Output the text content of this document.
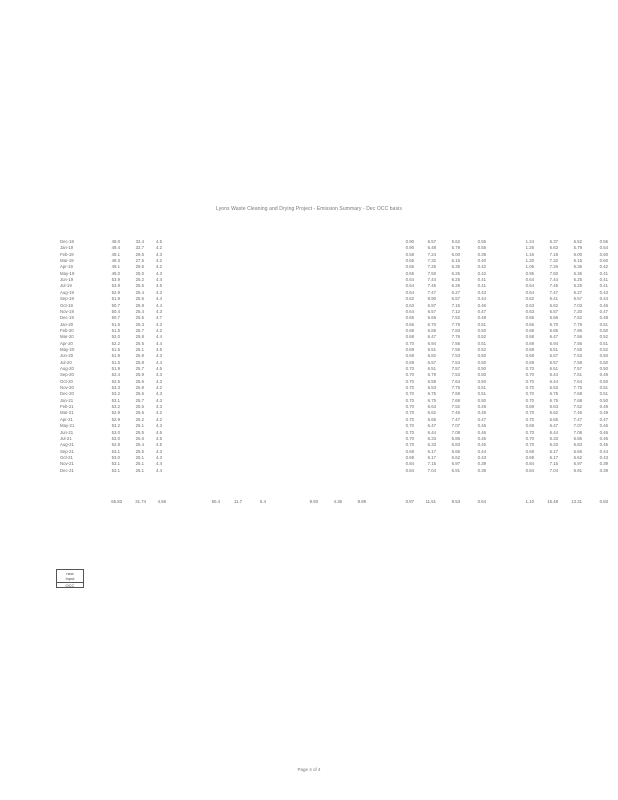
Lyons Waste Cleaning and Drying Project - Emission Summary - Dec OCC basis
Dec-18	49.0	32.4	4.5	0.90	6.57	5.62	0.55	1.24	6.37	6.52	0.56
Jan-19	49.4	32.7	4.2	0.90	6.48	5.79	0.55	1.26	6.63	5.79	0.54
Feb-19	49.1	29.5	4.3	0.58	7.24	6.00	0.39	1.16	7.18	6.00	0.60
Mar-19	49.3	27.5	4.2	0.65	7.32	6.15	0.40	1.20	7.32	6.15	0.60
Apr-19	49.1	29.5	4.2	0.65	7.26	6.35	0.42	1.06	7.26	6.35	0.42
May-19	49.0	25.0	4.3	0.65	7.50	6.25	0.42	0.95	7.50	6.36	0.41
Jun-19	53.9	25.2	4.4	0.64	7.44	6.25	0.41	0.64	7.44	6.25	0.41
Jul-19	53.9	25.5	4.5	0.64	7.45	6.25	0.41	0.64	7.45	6.25	0.41
Aug-19	52.9	25.4	4.3	0.64	7.47	6.27	0.43	0.64	7.47	6.27	0.43
Sep-19	51.9	25.6	4.4	0.62	8.90	6.57	0.44	0.62	6.41	6.57	0.44
Oct-19	50.7	25.8	4.4	0.63	6.97	7.15	0.46	0.63	6.62	7.03	0.46
Nov-19	50.4	25.4	4.3	0.64	6.57	7.12	0.47	0.63	6.57	7.20	0.47
Dec-19	50.7	25.5	4.7	0.66	6.66	7.52	0.48	0.65	6.56	7.52	0.48
Jan-20	51.5	25.3	4.3	0.66	6.70	7.79	0.51	0.66	6.70	7.79	0.51
Feb-20	51.5	25.7	4.2	0.68	6.85	7.83	0.50	0.68	6.85	7.96	0.50
Mar-20	52.0	25.8	4.4	0.68	6.47	7.76	0.52	0.68	6.47	7.56	0.52
Apr-20	52.2	25.5	4.4	0.70	6.94	7.56	0.51	0.69	6.94	7.56	0.51
May-20	51.5	25.1	4.5	0.69	6.51	7.55	0.52	0.68	6.51	7.55	0.52
Jun-20	51.9	25.8	4.3	0.69	6.82	7.53	0.50	0.68	6.57	7.53	0.50
Jul-20	51.5	25.8	4.4	0.69	6.57	7.53	0.50	0.69	6.57	7.58	0.50
Aug-20	51.9	25.7	4.5	0.70	6.51	7.57	0.50	0.70	6.51	7.57	0.50
Sep-20	52.4	25.9	4.3	0.70	6.79	7.53	0.50	0.70	6.44	7.51	0.49
Oct-20	52.5	25.6	4.3	0.70	6.59	7.64	0.50	0.70	6.44	7.64	0.50
Nov-20	53.3	25.8	4.2	0.70	6.53	7.75	0.51	0.70	6.53	7.75	0.51
Dec-20	53.2	25.6	4.3	0.70	6.75	7.68	0.51	0.70	6.75	7.68	0.51
Jan-21	53.1	25.7	4.3	0.70	6.75	7.68	0.50	0.70	6.75	7.68	0.50
Feb-21	53.2	25.5	4.3	0.70	6.63	7.52	0.49	0.69	6.63	7.52	0.49
Mar-21	52.9	25.6	4.2	0.70	6.62	7.46	0.49	0.70	6.62	7.46	0.49
Apr-21	52.9	25.2	4.2	0.70	6.65	7.47	0.47	0.70	6.65	7.47	0.47
May-21	53.2	25.1	4.3	0.70	6.47	7.07	0.46	0.69	6.47	7.07	0.46
Jun-21	53.0	25.5	4.5	0.70	6.44	7.08	0.46	0.70	6.44	7.08	0.46
Jul-21	53.0	25.6	4.5	0.70	6.33	6.86	0.46	0.70	6.33	6.86	0.46
Aug-21	52.8	25.4	4.5	0.70	6.33	6.83	0.45	0.70	6.33	6.83	0.45
Sep-21	53.1	25.5	4.3	0.69	6.17	6.66	0.44	0.69	6.17	6.66	0.44
Oct-21	53.0	25.1	4.3	0.69	6.17	6.62	0.43	0.69	6.17	6.62	0.43
Nov-21	53.1	25.1	4.4	0.84	7.15	6.97	0.39	0.84	7.15	6.97	0.39
Dec-21	53.1	25.1	4.4	0.84	7.04	6.91	0.39	0.84	7.04	6.91	0.39
65.83	31.74	4.56	50.4	11.7	5.4	9.93	4.36	8.89	0.87	11.51	9.53	0.64	1.10	16.48	13.31	0.83
new
Input
OCC
Page 4 of 4
